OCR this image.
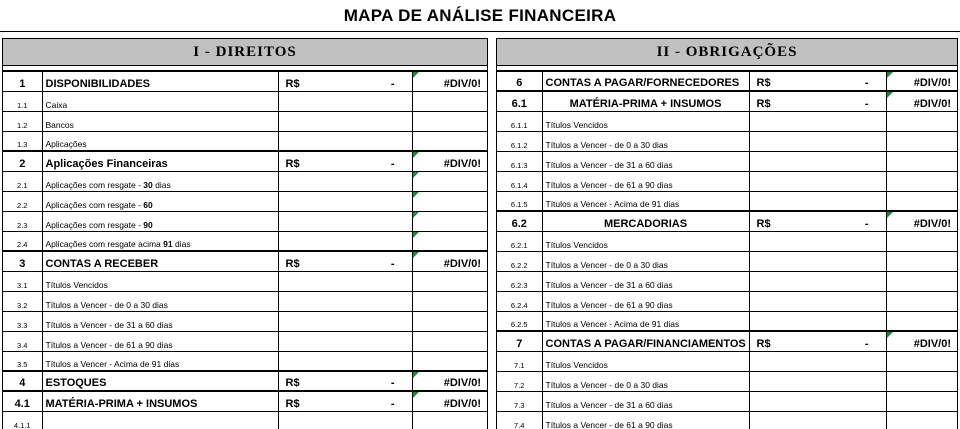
MAPA DE ANÁLISE FINANCEIRA
I - DIREITOS
1	DISPONIBILIDADES	R$ -	#DIV/0!
1.1	Caixa		
1.2	Bancos		
1.3	Aplicações		
2	Aplicações Financeiras	R$ -	#DIV/0!
2.1	Aplicações com resgate - 30 dias		

2.2	Aplicações com resgate - 60		

2.3	Aplicações com resgate - 90		

2.4	Aplicações com resgate acima 91 dias		

3	CONTAS A RECEBER	R$ -	#DIV/0!
3.1	Títulos Vencidos		
3.2	Títulos a Vencer - de 0 a 30 dias		
3.3	Títulos a Vencer - de 31 a 60 dias		
3.4	Títulos a Vencer - de 61 a 90 dias		
3.5	Títulos a Vencer - Acima de 91 dias		
4	ESTOQUES	R$ -	#DIV/0!
4.1	MATÉRIA-PRIMA + INSUMOS	R$ -	#DIV/0!
4.1.1			
II - OBRIGAÇÕES
6	CONTAS A PAGAR/FORNECEDORES	R$ -	#DIV/0!
6.1	MATÉRIA-PRIMA + INSUMOS	R$ -	#DIV/0!
6.1.1	Títulos Vencidos		
6.1.2	Títulos a Vencer - de 0 a 30 dias		
6.1.3	Títulos a Vencer - de 31 a 60 dias		
6.1.4	Títulos a Vencer - de 61 a 90 dias		
6.1.5	Títulos a Vencer - Acima de 91 dias		
6.2	MERCADORIAS	R$ -	#DIV/0!
6.2.1	Títulos Vencidos		
6.2.2	Títulos a Vencer - de 0 a 30 dias		
6.2.3	Títulos a Vencer - de 31 a 60 dias		
6.2.4	Títulos a Vencer - de 61 a 90 dias		
6.2.5	Títulos a Vencer - Acima de 91 dias		
7	CONTAS A PAGAR/FINANCIAMENTOS	R$ -	#DIV/0!
7.1	Títulos Vencidos		
7.2	Títulos a Vencer - de 0 a 30 dias		
7.3	Títulos a Vencer - de 31 a 60 dias		
7.4	Títulos a Vencer - de 61 a 90 dias		
